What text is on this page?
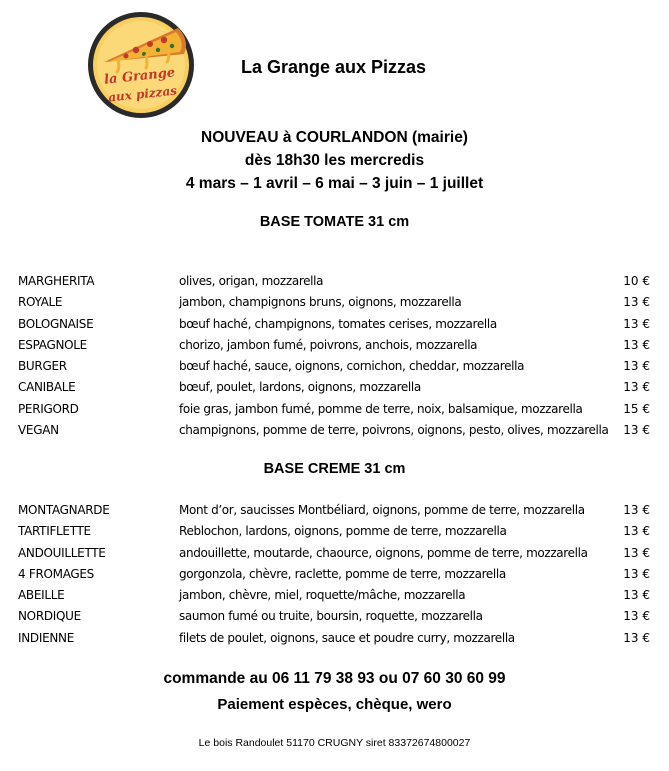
la Grange
aux pizzas
La Grange aux Pizzas
NOUVEAU à COURLANDON (mairie)
dès 18h30 les mercredis
4 mars – 1 avril – 6 mai – 3 juin – 1 juillet
BASE TOMATE 31 cm
MARGHERITA	olives, origan, mozzarella	10 €
ROYALE	jambon, champignons bruns, oignons, mozzarella	13 €
BOLOGNAISE	bœuf haché, champignons, tomates cerises, mozzarella	13 €
ESPAGNOLE	chorizo, jambon fumé, poivrons, anchois, mozzarella	13 €
BURGER	bœuf haché, sauce, oignons, cornichon, cheddar, mozzarella	13 €
CANIBALE	bœuf, poulet, lardons, oignons, mozzarella	13 €
PERIGORD	foie gras, jambon fumé, pomme de terre, noix, balsamique, mozzarella	15 €
VEGAN	champignons, pomme de terre, poivrons, oignons, pesto, olives, mozzarella 13 €
BASE CREME 31 cm
MONTAGNARDE	Mont d’or, saucisses Montbéliard, oignons, pomme de terre, mozzarella	13 €
TARTIFLETTE	Reblochon, lardons, oignons, pomme de terre, mozzarella	13 €
ANDOUILLETTE	andouillette, moutarde, chaource, oignons, pomme de terre, mozzarella	13 €
4 FROMAGES	gorgonzola, chèvre, raclette, pomme de terre, mozzarella	13 €
ABEILLE	jambon, chèvre, miel, roquette/mâche, mozzarella	13 €
NORDIQUE	saumon fumé ou truite, boursin, roquette, mozzarella	13 €
INDIENNE	filets de poulet, oignons, sauce et poudre curry, mozzarella	13 €
commande au 06 11 79 38 93 ou 07 60 30 60 99
Paiement espèces, chèque, wero
Le bois Randoulet 51170 CRUGNY siret 83372674800027
